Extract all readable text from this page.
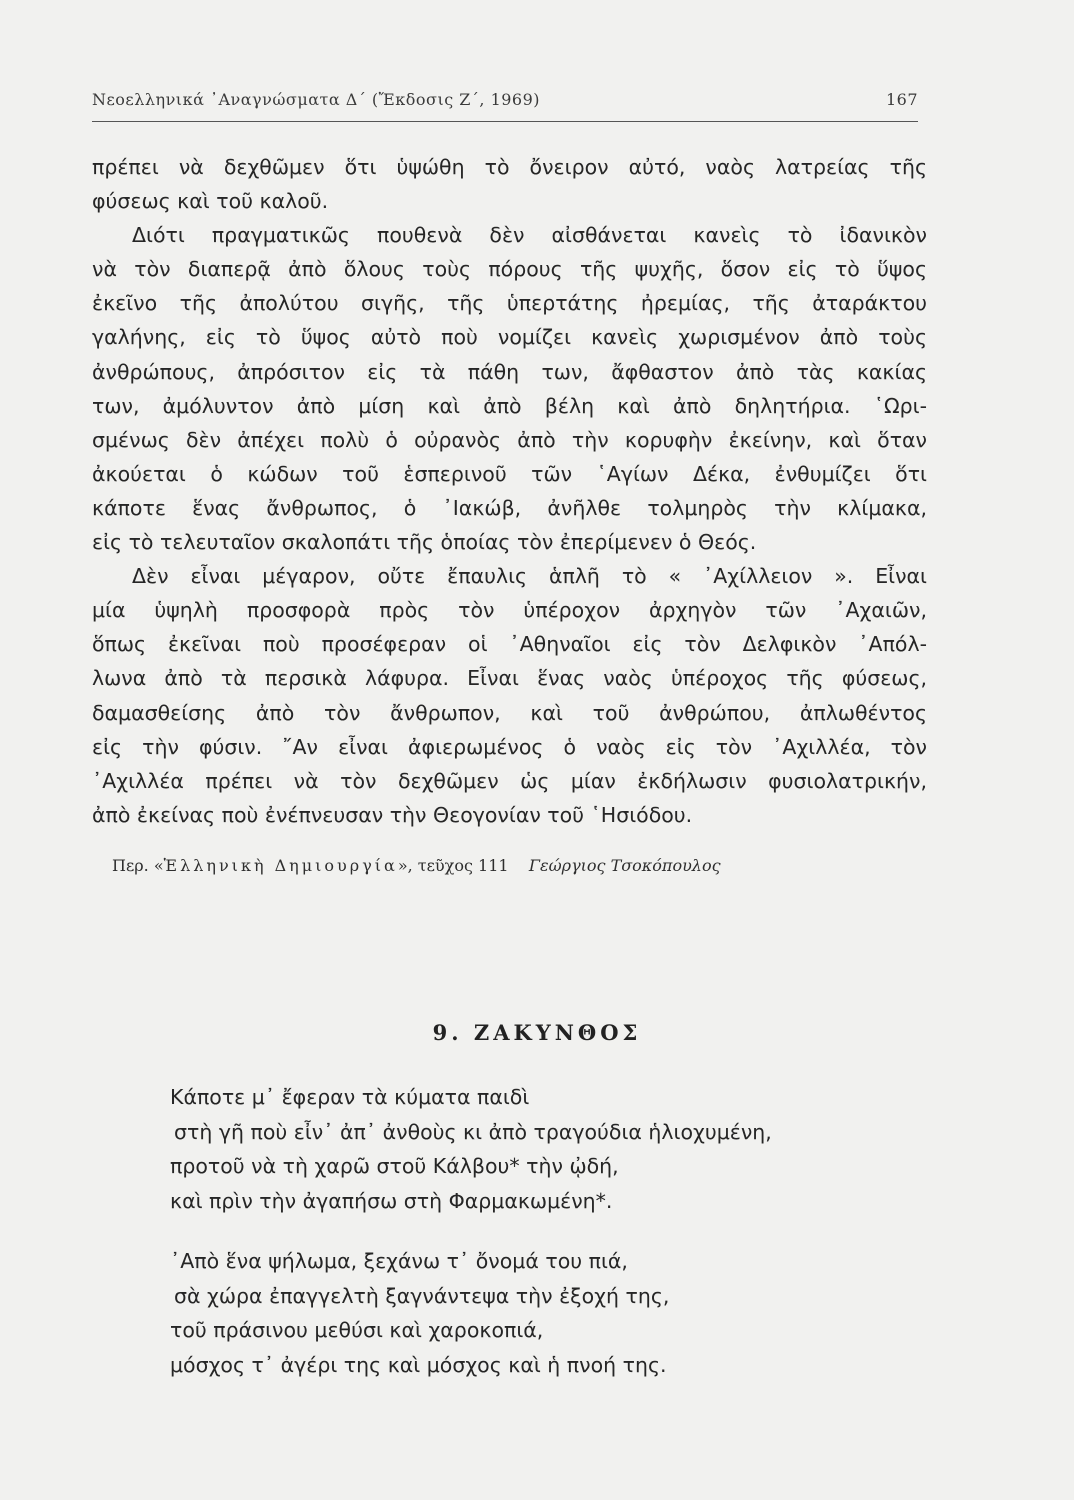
Νεοελληνικά ᾿Αναγνώσματα Δ΄ (Ἔκδοσις Ζ΄, 1969)	167

πρέπει νὰ δεχθῶμεν ὅτι ὑψώθη τὸ ὄνειρον αὐτό, ναὸς λατρείας τῆς

φύσεως καὶ τοῦ καλοῦ.

Διότι πραγματικῶς πουθενὰ δὲν αἰσθάνεται κανεὶς τὸ ἰδανικὸν

νὰ τὸν διαπερᾷ ἀπὸ ὅλους τοὺς πόρους τῆς ψυχῆς, ὅσον εἰς τὸ ὕψος

ἐκεῖνο τῆς ἀπολύτου σιγῆς, τῆς ὑπερτάτης ἠρεμίας, τῆς ἀταράκτου

γαλήνης, εἰς τὸ ὕψος αὐτὸ ποὺ νομίζει κανεὶς χωρισμένον ἀπὸ τοὺς

ἀνθρώπους, ἀπρόσιτον εἰς τὰ πάθη των, ἄφθαστον ἀπὸ τὰς κακίας

των, ἀμόλυντον ἀπὸ μίση καὶ ἀπὸ βέλη καὶ ἀπὸ δηλητήρια. ῾Ωρι-

σμένως δὲν ἀπέχει πολὺ ὁ οὐρανὸς ἀπὸ τὴν κορυφὴν ἐκείνην, καὶ ὅταν

ἀκούεται ὁ κώδων τοῦ ἑσπερινοῦ τῶν ῾Αγίων Δέκα, ἐνθυμίζει ὅτι

κάποτε ἕνας ἄνθρωπος, ὁ ᾿Ιακώβ, ἀνῆλθε τολμηρὸς τὴν κλίμακα,

εἰς τὸ τελευταῖον σκαλοπάτι τῆς ὁποίας τὸν ἐπερίμενεν ὁ Θεός.

Δὲν εἶναι μέγαρον, οὔτε ἔπαυλις ἁπλῆ τὸ « ᾿Αχίλλειον ». Εἶναι

μία ὑψηλὴ προσφορὰ πρὸς τὸν ὑπέροχον ἀρχηγὸν τῶν ᾿Αχαιῶν,

ὅπως ἐκεῖναι ποὺ προσέφεραν οἱ ᾿Αθηναῖοι εἰς τὸν Δελφικὸν ᾿Απόλ-

λωνα ἀπὸ τὰ περσικὰ λάφυρα. Εἶναι ἕνας ναὸς ὑπέροχος τῆς φύσεως,

δαμασθείσης ἀπὸ τὸν ἄνθρωπον, καὶ τοῦ ἀνθρώπου, ἀπλωθέντος

εἰς τὴν φύσιν. ῎Αν εἶναι ἀφιερωμένος ὁ ναὸς εἰς τὸν ᾿Αχιλλέα, τὸν

᾿Αχιλλέα πρέπει νὰ τὸν δεχθῶμεν ὡς μίαν ἐκδήλωσιν φυσιολατρικήν,

ἀπὸ ἐκείνας ποὺ ἐνέπνευσαν τὴν Θεογονίαν τοῦ ῾Ησιόδου.

Περ. «Ἑλληνικὴ Δημιουργία», τεῦχος 111 Γεώργιος Τσοκόπουλος
9. ΖΑΚΥΝΘΟΣ
Κάποτε μ᾿ ἔφεραν τὰ κύματα παιδὶ
στὴ γῆ ποὺ εἶν᾿ ἀπ᾿ ἀνθοὺς κι ἀπὸ τραγούδια ἡλιοχυμένη,
προτοῦ νὰ τὴ χαρῶ στοῦ Κάλβου* τὴν ᾠδή,
καὶ πρὶν τὴν ἀγαπήσω στὴ Φαρμακωμένη*.
᾿Απὸ ἕνα ψήλωμα, ξεχάνω τ᾿ ὄνομά του πιά,
σὰ χώρα ἐπαγγελτὴ ξαγνάντεψα τὴν ἐξοχή της,
τοῦ πράσινου μεθύσι καὶ χαροκοπιά,
μόσχος τ᾿ ἀγέρι της καὶ μόσχος καὶ ἡ πνοή της.
